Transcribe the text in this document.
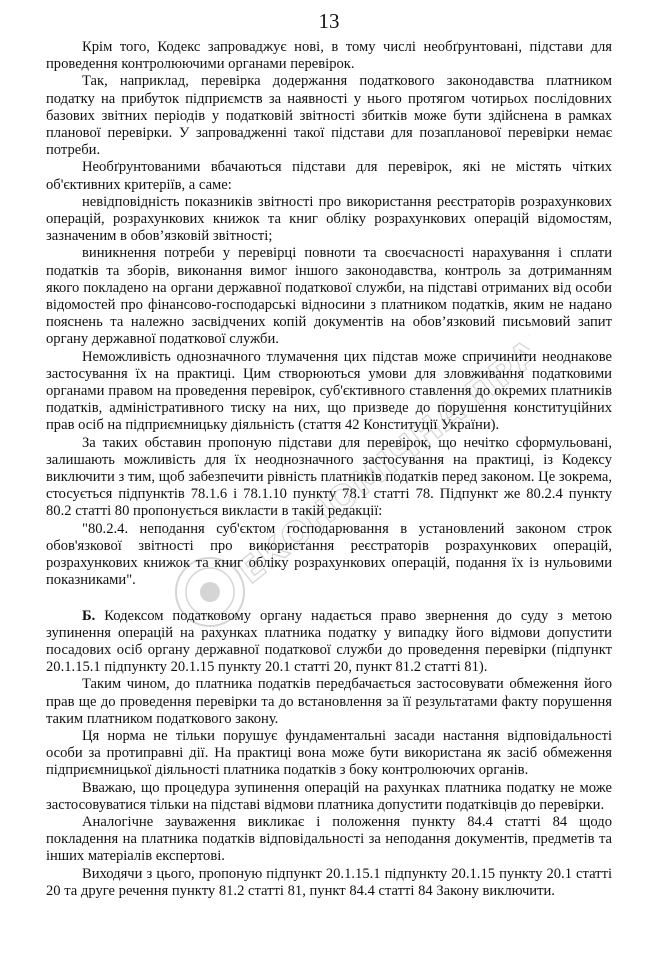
13

Крім того, Кодекс запроваджує нові, в тому числі необґрунтовані, підстави для проведення контролюючими органами перевірок.

Так, наприклад, перевірка додержання податкового законодавства платником податку на прибуток підприємств за наявності у нього протягом чотирьох послідовних базових звітних періодів у податковій звітності збитків може бути здійснена в рамках планової перевірки. У запровадженні такої підстави для позапланової перевірки немає потреби.

Необґрунтованими вбачаються підстави для перевірок, які не містять чітких об'єктивних критеріїв, а саме:

невідповідність показників звітності про використання реєстраторів розрахункових операцій, розрахункових книжок та книг обліку розрахункових операцій відомостям, зазначеним в обов’язковій звітності;

виникнення потреби у перевірці повноти та своєчасності нарахування і сплати податків та зборів, виконання вимог іншого законодавства, контроль за дотриманням якого покладено на органи державної податкової служби, на підставі отриманих від особи відомостей про фінансово-господарські відносини з платником податків, яким не надано пояснень та належно засвідчених копій документів на обов’язковий письмовий запит органу державної податкової служби.

Неможливість однозначного тлумачення цих підстав може спричинити неоднакове застосування їх на практиці. Цим створюються умови для зловживання податковими органами правом на проведення перевірок, суб'єктивного ставлення до окремих платників податків, адміністративного тиску на них, що призведе до порушення конституційних прав осіб на підприємницьку діяльність (стаття 42 Конституції України).

За таких обставин пропоную підстави для перевірок, що нечітко сформульовані, залишають можливість для їх неоднозначного застосування на практиці, із Кодексу виключити з тим, щоб забезпечити рівність платників податків перед законом. Це зокрема, стосується підпунктів 78.1.6 і 78.1.10 пункту 78.1 статті 78. Підпункт же 80.2.4 пункту 80.2 статті 80 пропонується викласти в такій редакції:

"80.2.4. неподання суб'єктом господарювання в установлений законом строк обов'язкової звітності про використання реєстраторів розрахункових операцій, розрахункових книжок та книг обліку розрахункових операцій, подання їх із нульовими показниками".

Б. Кодексом податковому органу надається право звернення до суду з метою зупинення операцій на рахунках платника податку у випадку його відмови допустити посадових осіб органу державної податкової служби до проведення перевірки (підпункт 20.1.15.1 підпункту 20.1.15 пункту 20.1 статті 20, пункт 81.2 статті 81).

Таким чином, до платника податків передбачається застосовувати обмеження його прав ще до проведення перевірки та до встановлення за її результатами факту порушення таким платником податкового закону.

Ця норма не тільки порушує фундаментальні засади настання відповідальності особи за протиправні дії. На практиці вона може бути використана як засіб обмеження підприємницької діяльності платника податків з боку контролюючих органів.

Вважаю, що процедура зупинення операцій на рахунках платника податку не може застосовуватися тільки на підставі відмови платника допустити податківців до перевірки.

Аналогічне зауваження викликає і положення пункту 84.4 статті 84 щодо покладення на платника податків відповідальності за неподання документів, предметів та інших матеріалів експертові.

Виходячи з цього, пропоную підпункт 20.1.15.1 підпункту 20.1.15 пункту 20.1 статті 20 та друге речення пункту 81.2 статті 81, пункт 84.4 статті 84 Закону виключити.

ЕКОНОМІЧНА ПРАВДА
